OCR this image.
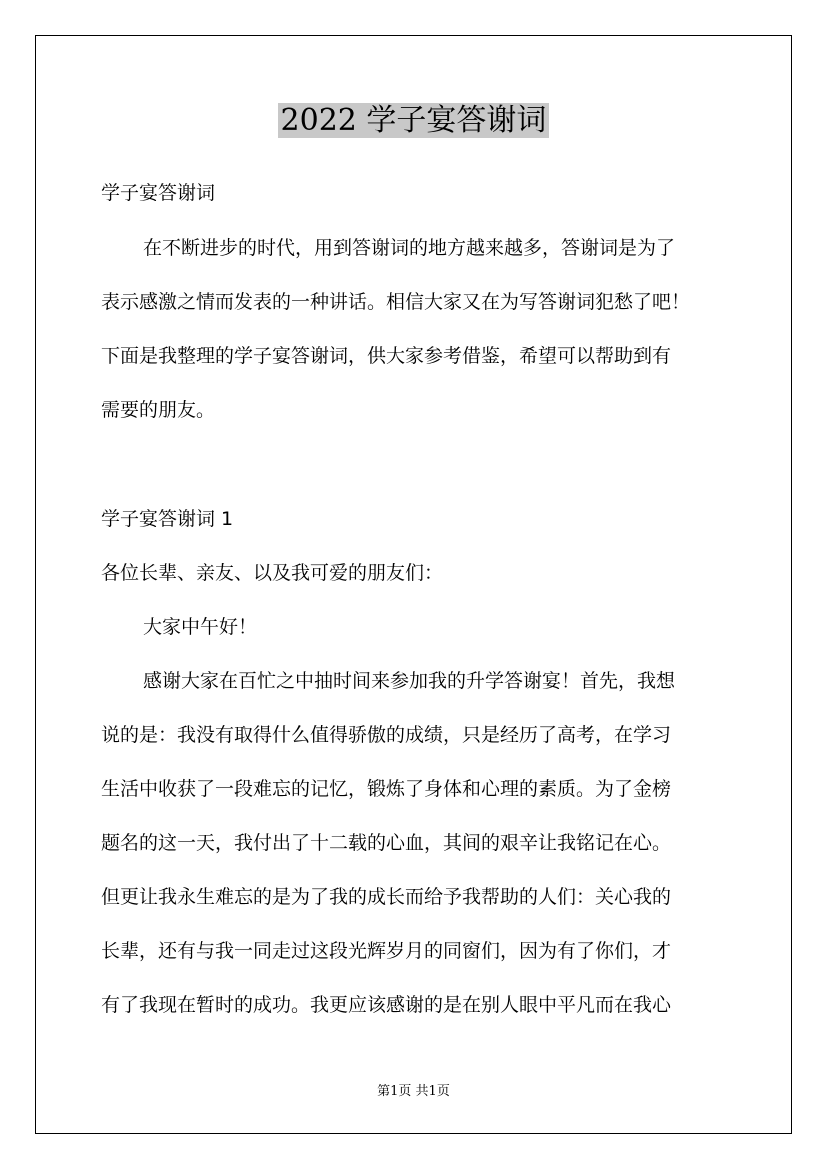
2022 学子宴答谢词
学子宴答谢词
在不断进步的时代，用到答谢词的地方越来越多，答谢词是为了
表示感激之情而发表的一种讲话。相信大家又在为写答谢词犯愁了吧！
下面是我整理的学子宴答谢词，供大家参考借鉴，希望可以帮助到有
需要的朋友。
学子宴答谢词 1
各位长辈、亲友、以及我可爱的朋友们：
大家中午好！
感谢大家在百忙之中抽时间来参加我的升学答谢宴！首先，我想
说的是：我没有取得什么值得骄傲的成绩，只是经历了高考，在学习
生活中收获了一段难忘的记忆，锻炼了身体和心理的素质。为了金榜
题名的这一天，我付出了十二载的心血，其间的艰辛让我铭记在心。
但更让我永生难忘的是为了我的成长而给予我帮助的人们：关心我的
长辈，还有与我一同走过这段光辉岁月的同窗们，因为有了你们，才
有了我现在暂时的成功。我更应该感谢的是在别人眼中平凡而在我心
第1页 共1页
